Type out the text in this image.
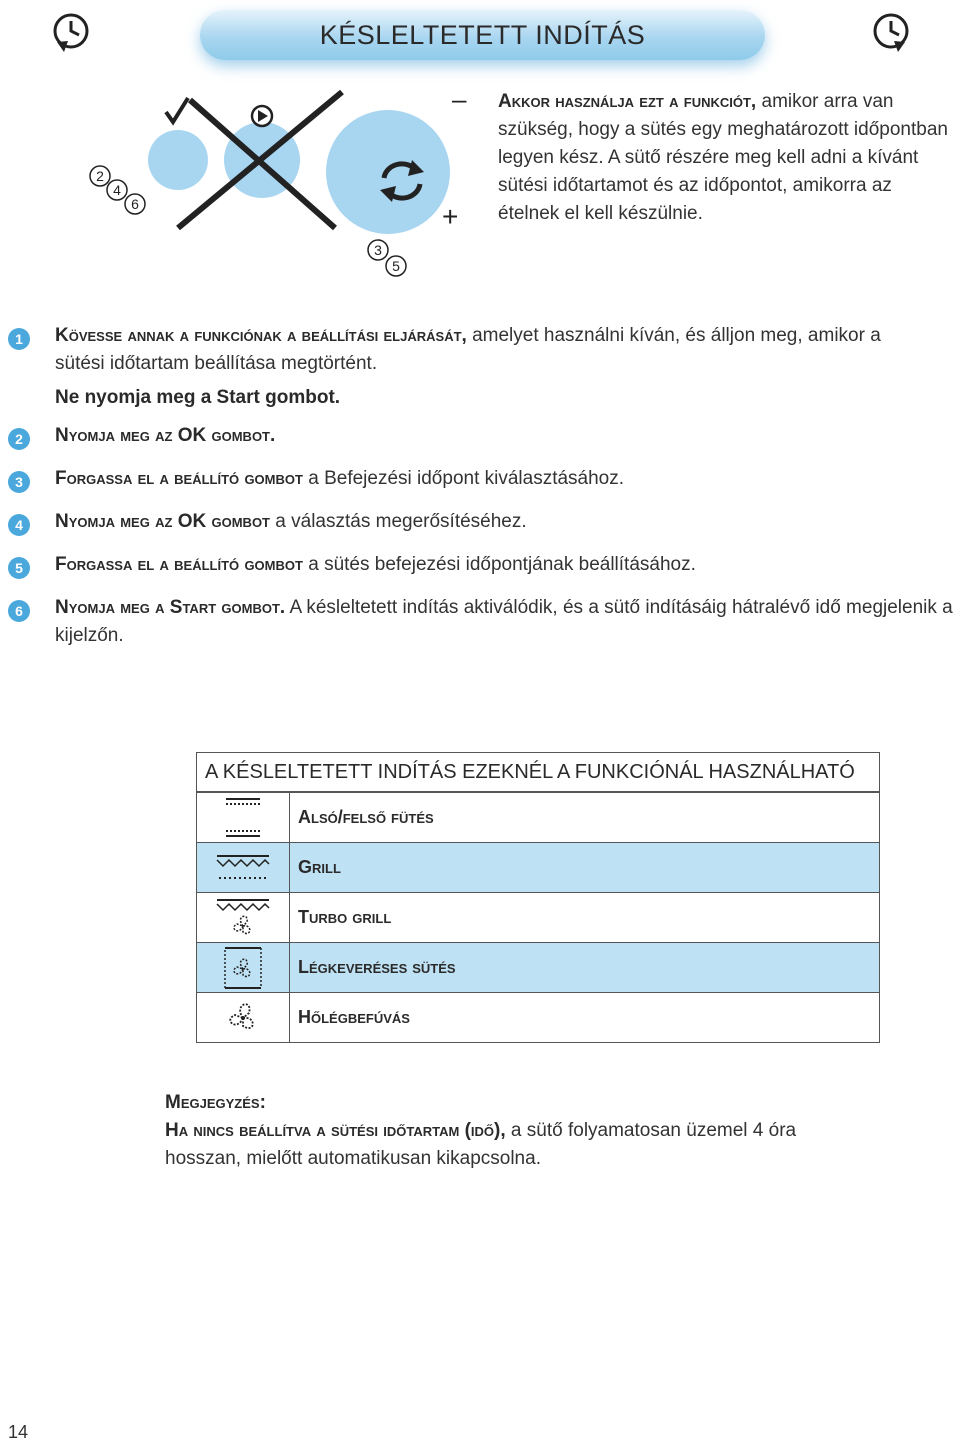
KÉSLELTETETT INDÍTÁS
–
+
2
4
6
3
5
Akkor használja ezt a funkciót, amikor arra van szükség, hogy a sütés egy meghatározott időpontban legyen kész. A sütő részére meg kell adni a kívánt sütési időtartamot és az időpontot, amikorra az ételnek el kell készülnie.
1	Kövesse annak a funkciónak a beállítási eljárását, amelyet használni kíván, és álljon meg, amikor a sütési időtartam beállítása megtörtént.
Ne nyomja meg a Start gombot.
2	Nyomja meg az OK gombot.
3	Forgassa el a beállító gombot a Befejezési időpont kiválasztásához.
4	Nyomja meg az OK gombot a választás megerősítéséhez.
5	Forgassa el a beállító gombot a sütés befejezési időpontjának beállításához.
6	Nyomja meg a Start gombot. A késleltetett indítás aktiválódik, és a sütő indításáig hátralévő idő megjelenik a kijelzőn.
A KÉSLELTETETT INDÍTÁS EZEKNÉL A FUNKCIÓNÁL HASZNÁLHATÓ
Alsó/felső fütés
Grill
Turbo grill
Légkeveréses sütés
Hőlégbefúvás
Megjegyzés:
Ha nincs beállítva a sütési időtartam (idő), a sütő folyamatosan üzemel 4 óra hosszan, mielőtt automatikusan kikapcsolna.
14
